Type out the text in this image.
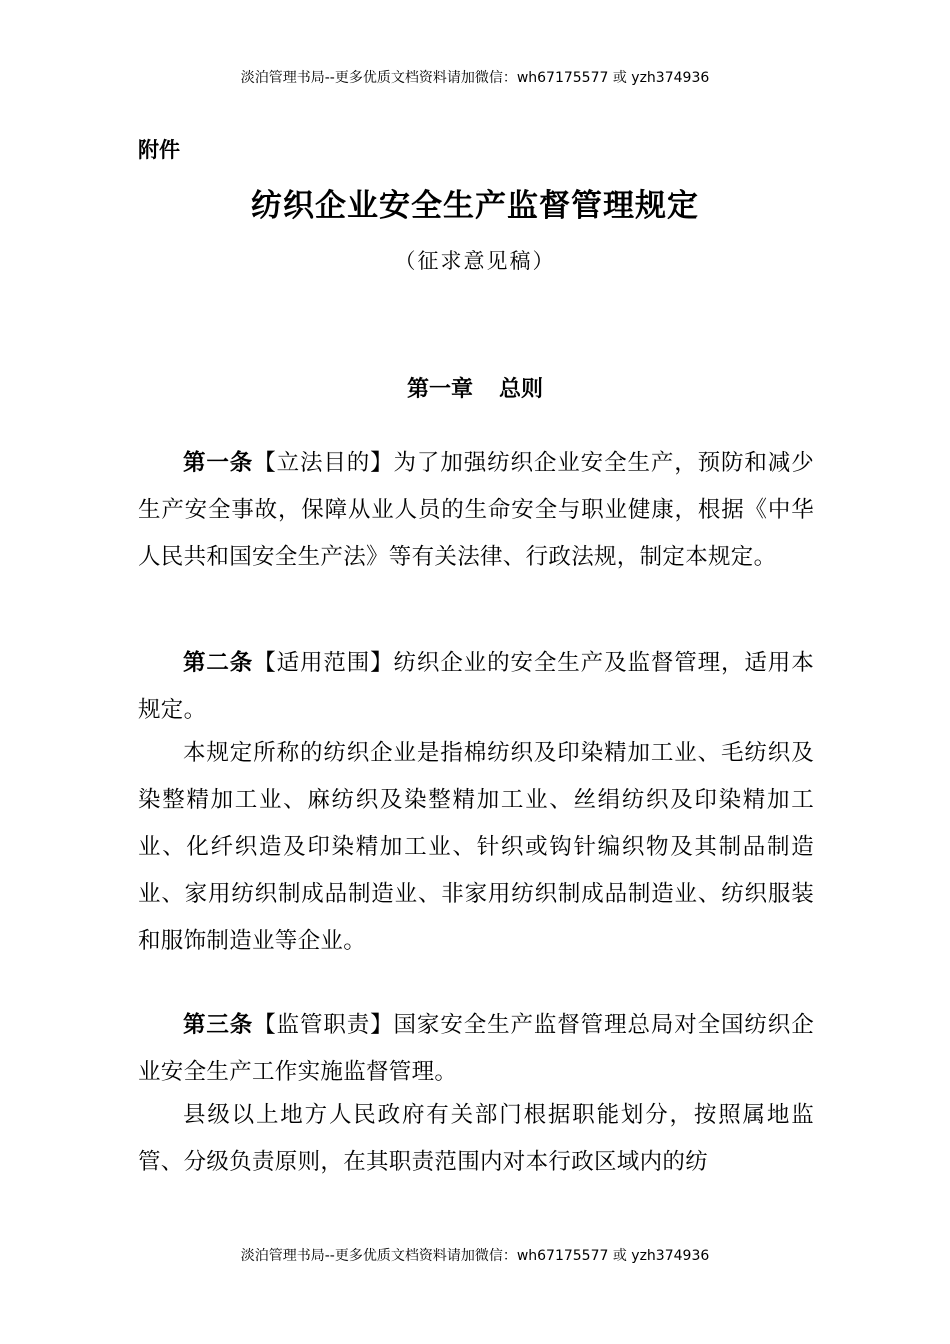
淡泊管理书局--更多优质文档资料请加微信：wh67175577 或 yzh374936
附件
纺织企业安全生产监督管理规定
（征求意见稿）
第一章 总则
第一条【立法目的】为了加强纺织企业安全生产，预防和减少生产安全事故，保障从业人员的生命安全与职业健康，根据《中华人民共和国安全生产法》等有关法律、行政法规，制定本规定。
第二条【适用范围】纺织企业的安全生产及监督管理，适用本规定。
本规定所称的纺织企业是指棉纺织及印染精加工业、毛纺织及染整精加工业、麻纺织及染整精加工业、丝绢纺织及印染精加工业、化纤织造及印染精加工业、针织或钩针编织物及其制品制造业、家用纺织制成品制造业、非家用纺织制成品制造业、纺织服装和服饰制造业等企业。
第三条【监管职责】国家安全生产监督管理总局对全国纺织企业安全生产工作实施监督管理。
县级以上地方人民政府有关部门根据职能划分，按照属地监管、分级负责原则，在其职责范围内对本行政区域内的纺
淡泊管理书局--更多优质文档资料请加微信：wh67175577 或 yzh374936
